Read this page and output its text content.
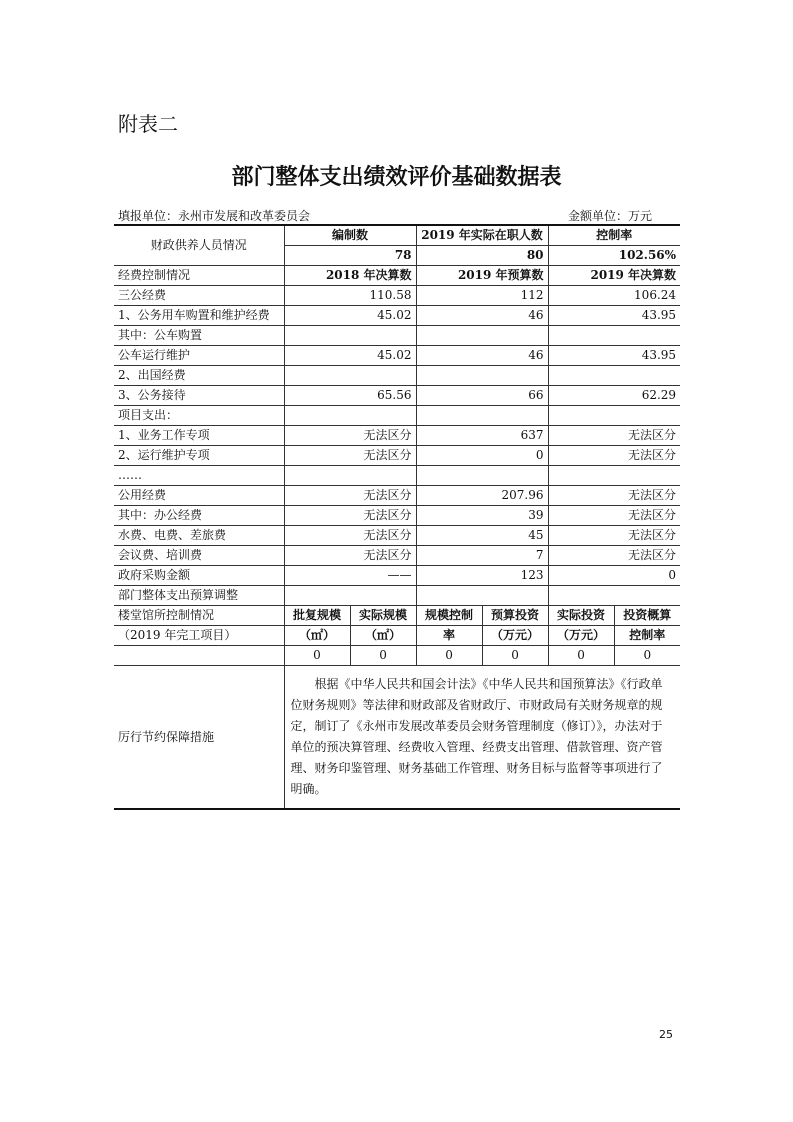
附表二
部门整体支出绩效评价基础数据表
填报单位：永州市发展和改革委员会	金额单位：万元
财政供养人员情况	编制数		2019 年实际在职人数		控制率	
	78		80		102.56%	
经费控制情况	2018 年决算数		2019 年预算数		2019 年决算数	
三公经费	110.58		112		106.24	
1、公务用车购置和维护经费	45.02		46		43.95	
其中：公车购置						
公车运行维护	45.02		46		43.95	
2、出国经费						
3、公务接待	65.56		66		62.29	
项目支出：						
1、业务工作专项	无法区分		637		无法区分	
2、运行维护专项	无法区分		0		无法区分	
……						
公用经费	无法区分		207.96		无法区分	
其中：办公经费	无法区分		39		无法区分	
水费、电费、差旅费	无法区分		45		无法区分	
会议费、培训费	无法区分		7		无法区分	
政府采购金额	——		123		0	
部门整体支出预算调整						
楼堂馆所控制情况	批复规模	实际规模	规模控制	预算投资	实际投资	投资概算
（2019 年完工项目）	（㎡）	（㎡）	率	（万元）	（万元）	控制率
	0	0	0	0	0	0
厉行节约保障措施	根据《中华人民共和国会计法》《中华人民共和国预算法》《行政单位财务规则》等法律和财政部及省财政厅、市财政局有关财务规章的规定，制订了《永州市发展改革委员会财务管理制度（修订）》，办法对于单位的预决算管理、经费收入管理、经费支出管理、借款管理、资产管理、财务印鉴管理、财务基础工作管理、财务目标与监督等事项进行了明确。					
25
